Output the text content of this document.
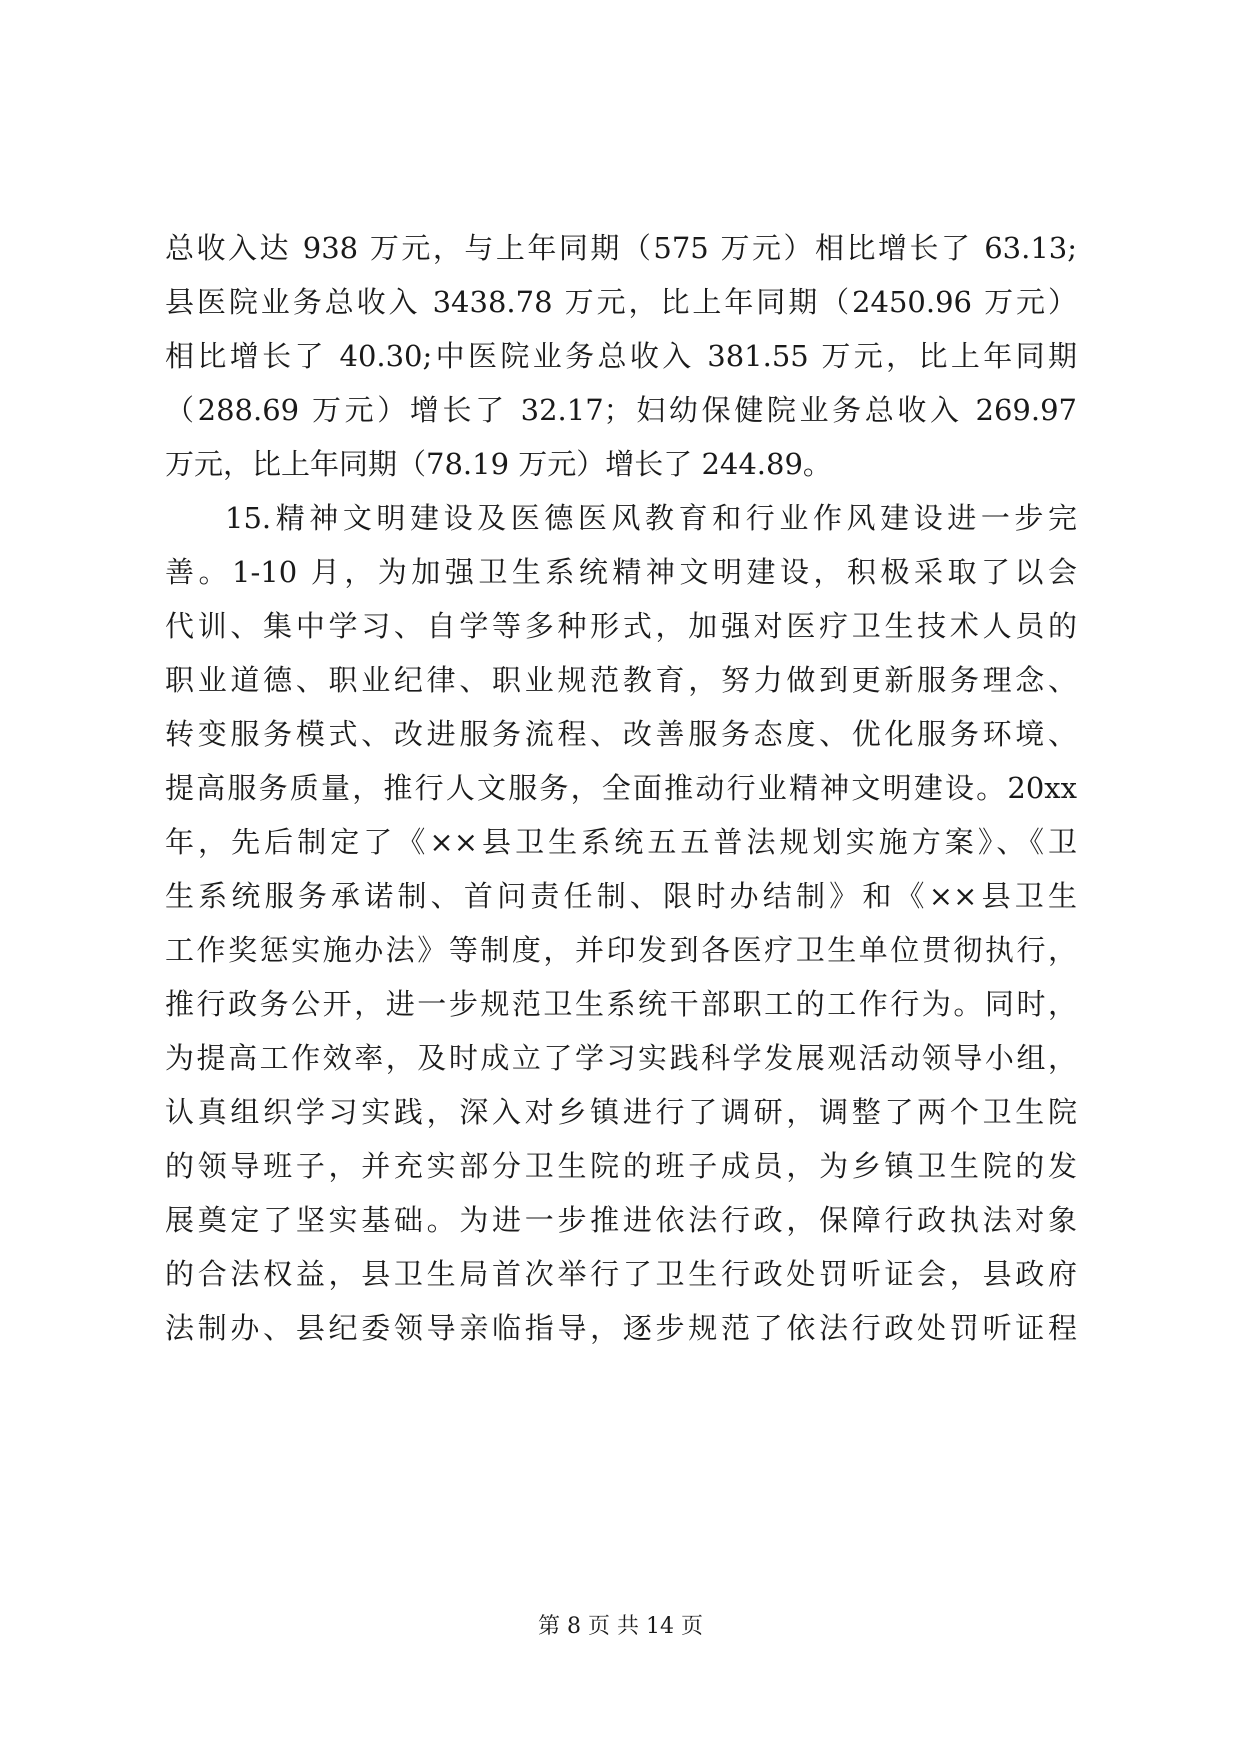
总收入达 938 万元，与上年同期（575 万元）相比增长了 63.13;
县医院业务总收入 3438.78 万元，比上年同期（2450.96 万元）
相比增长了 40.30;中医院业务总收入 381.55 万元，比上年同期
（288.69 万元）增长了 32.17；妇幼保健院业务总收入 269.97
万元，比上年同期（78.19 万元）增长了 244.89。
15.精神文明建设及医德医风教育和行业作风建设进一步完
善。1-10 月，为加强卫生系统精神文明建设，积极采取了以会
代训、集中学习、自学等多种形式，加强对医疗卫生技术人员的
职业道德、职业纪律、职业规范教育，努力做到更新服务理念、
转变服务模式、改进服务流程、改善服务态度、优化服务环境、
提高服务质量，推行人文服务，全面推动行业精神文明建设。20xx
年，先后制定了《××县卫生系统五五普法规划实施方案》、《卫
生系统服务承诺制、首问责任制、限时办结制》和《××县卫生
工作奖惩实施办法》等制度，并印发到各医疗卫生单位贯彻执行，
推行政务公开，进一步规范卫生系统干部职工的工作行为。同时，
为提高工作效率，及时成立了学习实践科学发展观活动领导小组，
认真组织学习实践，深入对乡镇进行了调研，调整了两个卫生院
的领导班子，并充实部分卫生院的班子成员，为乡镇卫生院的发
展奠定了坚实基础。为进一步推进依法行政，保障行政执法对象
的合法权益，县卫生局首次举行了卫生行政处罚听证会，县政府
法制办、县纪委领导亲临指导，逐步规范了依法行政处罚听证程
第 8 页 共 14 页
